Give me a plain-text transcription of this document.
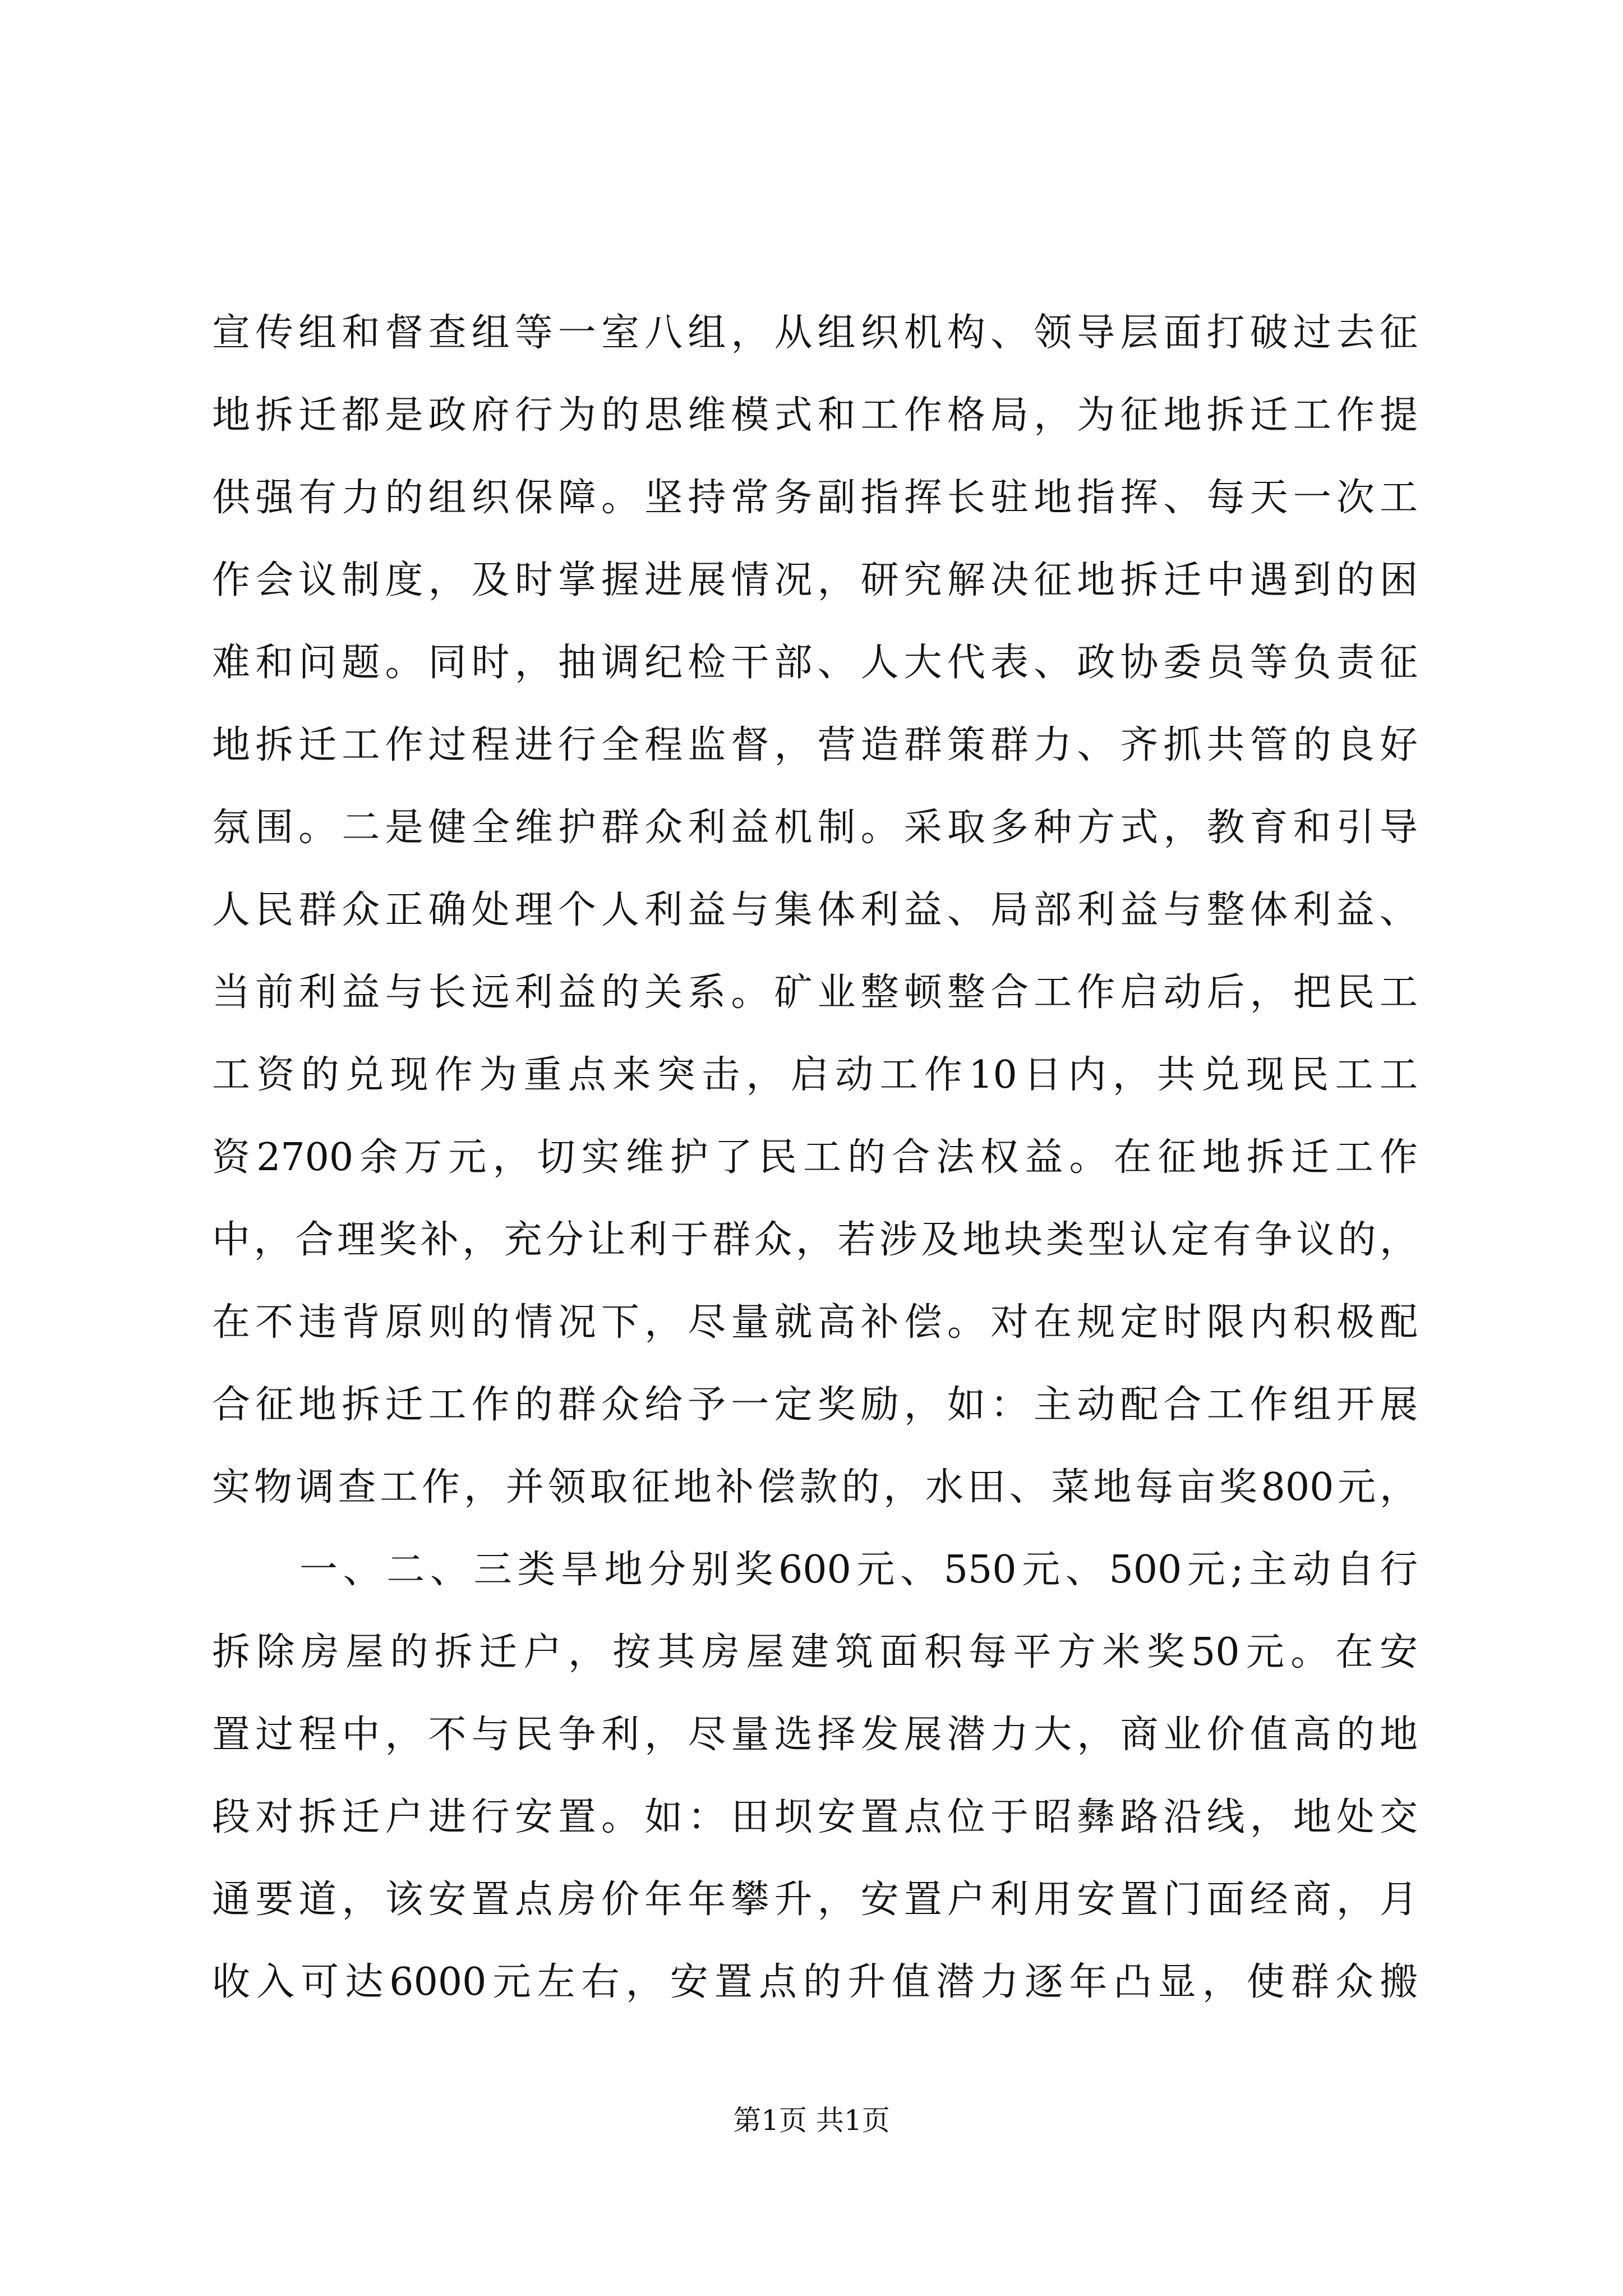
宣传组和督查组等一室八组，从组织机构、领导层面打破过去征
地拆迁都是政府行为的思维模式和工作格局，为征地拆迁工作提
供强有力的组织保障。坚持常务副指挥长驻地指挥、每天一次工
作会议制度，及时掌握进展情况，研究解决征地拆迁中遇到的困
难和问题。同时，抽调纪检干部、人大代表、政协委员等负责征
地拆迁工作过程进行全程监督，营造群策群力、齐抓共管的良好
氛围。二是健全维护群众利益机制。采取多种方式，教育和引导
人民群众正确处理个人利益与集体利益、局部利益与整体利益、
当前利益与长远利益的关系。矿业整顿整合工作启动后，把民工
工资的兑现作为重点来突击，启动工作10日内，共兑现民工工
资2700余万元，切实维护了民工的合法权益。在征地拆迁工作
中，合理奖补，充分让利于群众，若涉及地块类型认定有争议的，
在不违背原则的情况下，尽量就高补偿。对在规定时限内积极配
合征地拆迁工作的群众给予一定奖励，如：主动配合工作组开展
实物调查工作，并领取征地补偿款的，水田、菜地每亩奖800元，
一、二、三类旱地分别奖600元、550元、500元;主动自行
拆除房屋的拆迁户，按其房屋建筑面积每平方米奖50元。在安
置过程中，不与民争利，尽量选择发展潜力大，商业价值高的地
段对拆迁户进行安置。如：田坝安置点位于昭彝路沿线，地处交
通要道，该安置点房价年年攀升，安置户利用安置门面经商，月
收入可达6000元左右，安置点的升值潜力逐年凸显，使群众搬
第1页 共1页
